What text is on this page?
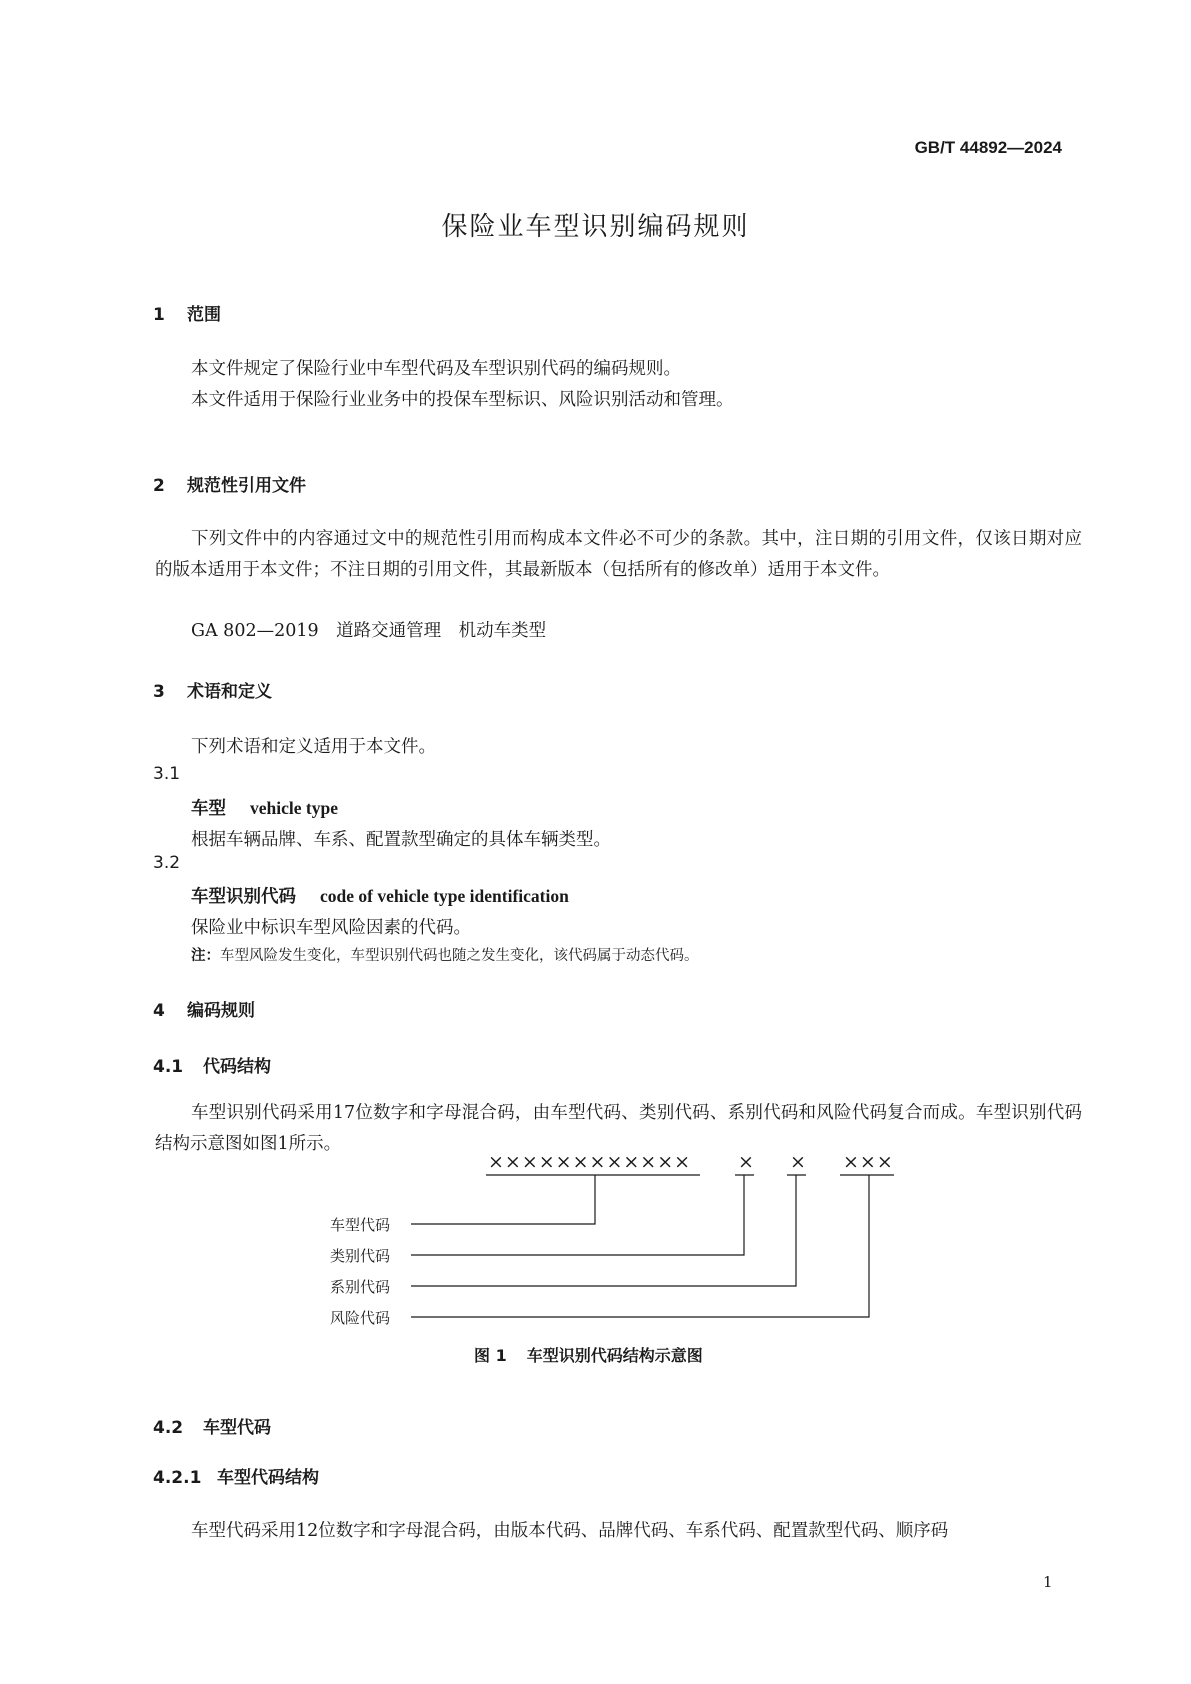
GB/T 44892—2024
保险业车型识别编码规则
1 范围
本文件规定了保险行业中车型代码及车型识别代码的编码规则。
本文件适用于保险行业业务中的投保车型标识、风险识别活动和管理。
2 规范性引用文件
下列文件中的内容通过文中的规范性引用而构成本文件必不可少的条款。其中，注日期的引用文件，仅该日期对应的版本适用于本文件；不注日期的引用文件，其最新版本（包括所有的修改单）适用于本文件。
GA 802—2019　道路交通管理　机动车类型
3 术语和定义
下列术语和定义适用于本文件。
3.1
车型 vehicle type
根据车辆品牌、车系、配置款型确定的具体车辆类型。
3.2
车型识别代码 code of vehicle type identification
保险业中标识车型风险因素的代码。
注：车型风险发生变化，车型识别代码也随之发生变化，该代码属于动态代码。
4 编码规则
4.1 代码结构
车型识别代码采用17位数字和字母混合码，由车型代码、类别代码、系别代码和风险代码复合而成。车型识别代码结构示意图如图1所示。
×××××××××××× × × ×××
车型代码
类别代码
系别代码
风险代码
图 1 车型识别代码结构示意图
4.2 车型代码
4.2.1 车型代码结构
车型代码采用12位数字和字母混合码，由版本代码、品牌代码、车系代码、配置款型代码、顺序码
1
